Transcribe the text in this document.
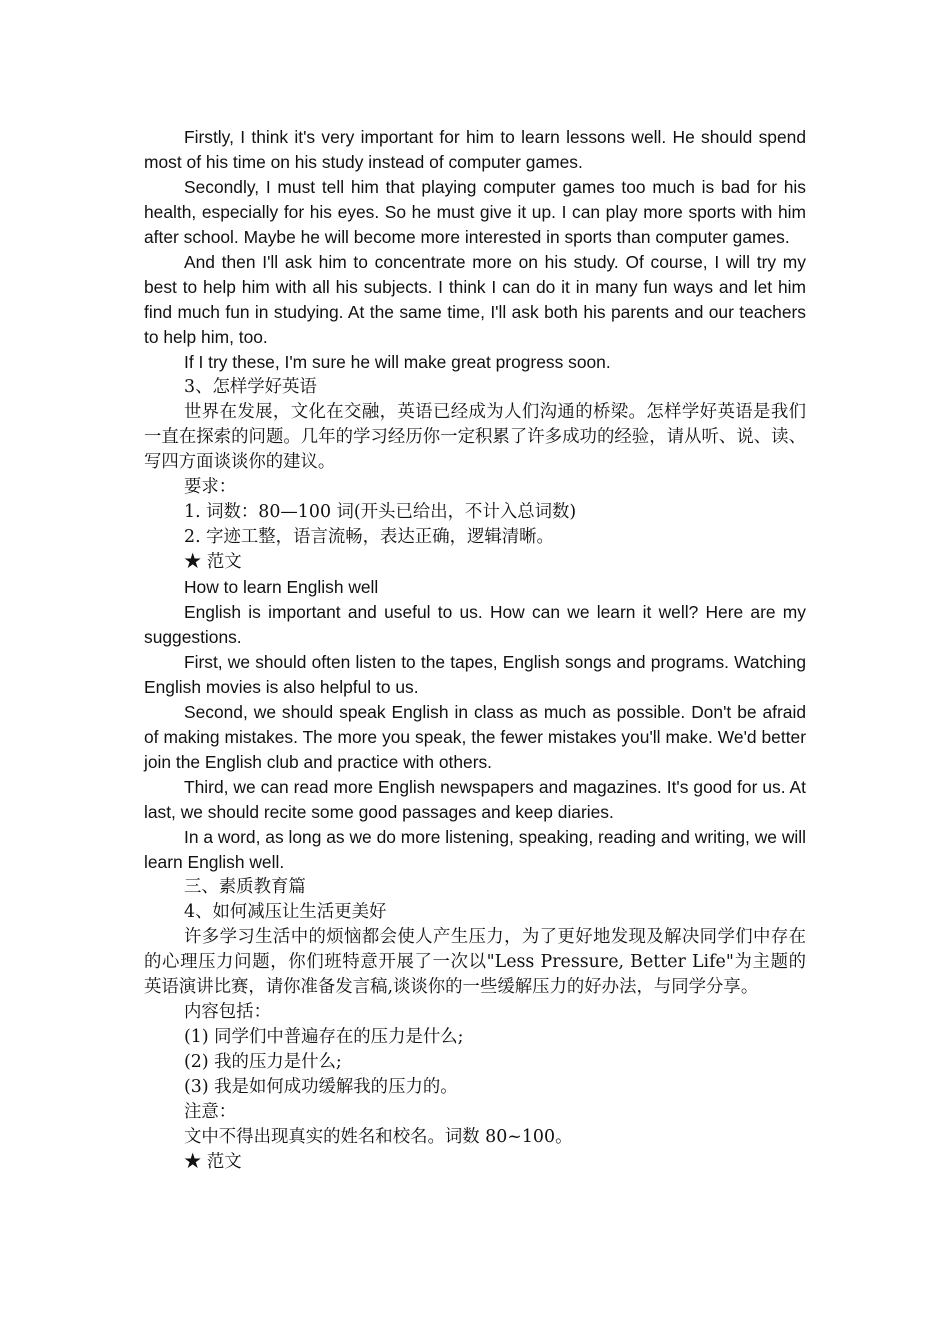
Firstly, I think it's very important for him to learn lessons well. He should spend most of his time on his study instead of computer games.

Secondly, I must tell him that playing computer games too much is bad for his health, especially for his eyes. So he must give it up. I can play more sports with him after school. Maybe he will become more interested in sports than computer games.

And then I'll ask him to concentrate more on his study. Of course, I will try my best to help him with all his subjects. I think I can do it in many fun ways and let him find much fun in studying. At the same time, I'll ask both his parents and our teachers to help him, too.

If I try these, I'm sure he will make great progress soon.

3、怎样学好英语

世界在发展，文化在交融，英语已经成为人们沟通的桥梁。怎样学好英语是我们一直在探索的问题。几年的学习经历你一定积累了许多成功的经验，请从听、说、读、写四方面谈谈你的建议。

要求：

1. 词数：80—100 词(开头已给出，不计入总词数)

2. 字迹工整，语言流畅，表达正确，逻辑清晰。

★ 范文

How to learn English well

English is important and useful to us. How can we learn it well? Here are my suggestions.

First, we should often listen to the tapes, English songs and programs. Watching English movies is also helpful to us.

Second, we should speak English in class as much as possible. Don't be afraid of making mistakes. The more you speak, the fewer mistakes you'll make. We'd better join the English club and practice with others.

Third, we can read more English newspapers and magazines. It's good for us. At last, we should recite some good passages and keep diaries.

In a word, as long as we do more listening, speaking, reading and writing, we will learn English well.

三、素质教育篇

4、如何减压让生活更美好

许多学习生活中的烦恼都会使人产生压力，为了更好地发现及解决同学们中存在的心理压力问题，你们班特意开展了一次以"Less Pressure, Better Life"为主题的英语演讲比赛，请你准备发言稿,谈谈你的一些缓解压力的好办法，与同学分享。

内容包括：

(1) 同学们中普遍存在的压力是什么;

(2) 我的压力是什么;

(3) 我是如何成功缓解我的压力的。

注意：

文中不得出现真实的姓名和校名。词数 80~100。

★ 范文
